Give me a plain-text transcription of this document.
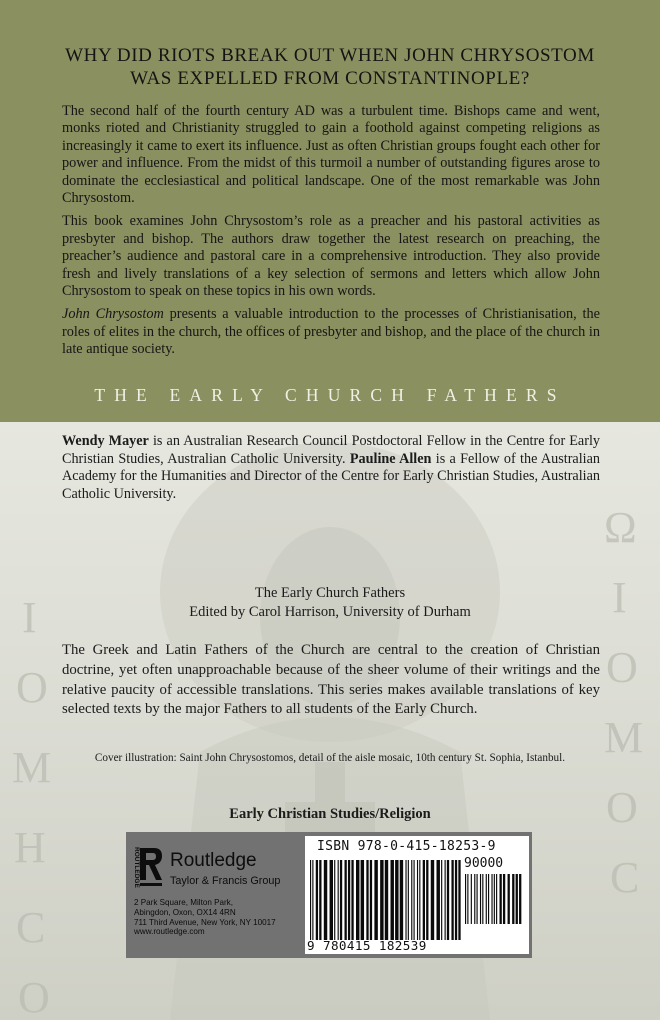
WHY DID RIOTS BREAK OUT WHEN JOHN CHRYSOSTOM
WAS EXPELLED FROM CONSTANTINOPLE?

The second half of the fourth century AD was a turbulent time. Bishops came and went, monks rioted and Christianity struggled to gain a foothold against competing religions as increasingly it came to exert its influence. Just as often Christian groups fought each other for power and influence. From the midst of this turmoil a number of outstanding figures arose to dominate the ecclesiastical and political landscape. One of the most remarkable was John Chrysostom.

This book examines John Chrysostom’s role as a preacher and his pastoral activities as presbyter and bishop. The authors draw together the latest research on preaching, the preacher’s audience and pastoral care in a comprehensive introduction. They also provide fresh and lively translations of a key selection of sermons and letters which allow John Chrysostom to speak on these topics in his own words.

John Chrysostom presents a valuable introduction to the processes of Christianisation, the roles of elites in the church, the offices of presbyter and bishop, and the place of the church in late antique society.

THE EARLY CHURCH FATHERS
I
O
M
H
C
O
Ω
I
Ο
Μ
Ο
C
Wendy Mayer is an Australian Research Council Postdoctoral Fellow in the Centre for Early Christian Studies, Australian Catholic University. Pauline Allen is a Fellow of the Australian Academy for the Humanities and Director of the Centre for Early Christian Studies, Australian Catholic University.
The Early Church Fathers
Edited by Carol Harrison, University of Durham
The Greek and Latin Fathers of the Church are central to the creation of Christian doctrine, yet often unapproachable because of the sheer volume of their writings and the relative paucity of accessible translations. This series makes available translations of key selected texts by the major Fathers to all students of the Early Church.
Cover illustration: Saint John Chrysostomos, detail of the aisle mosaic, 10th century St. Sophia, Istanbul.
Early Christian Studies/Religion
ROUTLEDGE Routledge
Taylor & Francis Group
2 Park Square, Milton Park,
Abingdon, Oxon, OX14 4RN
711 Third Avenue, New York, NY 10017
www.routledge.com
ISBN 978-0-415-18253-9
90000
9 780415 182539
